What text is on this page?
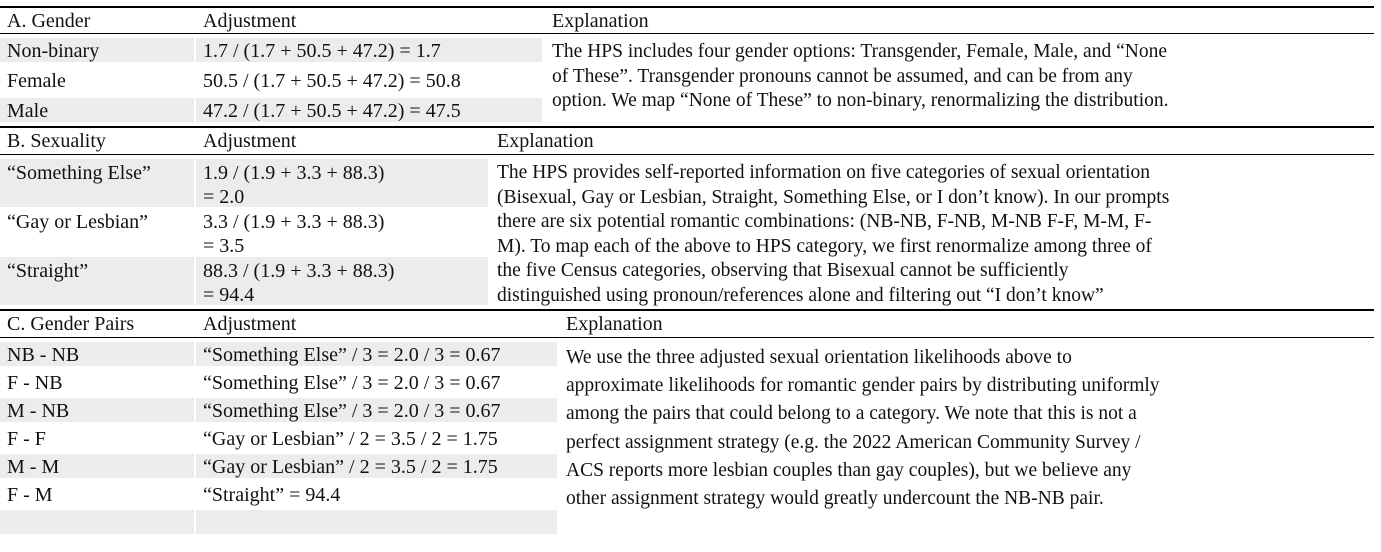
A. Gender	Adjustment	Explanation
Non-binary	1.7 / (1.7 + 50.5 + 47.2) = 1.7
Female	50.5 / (1.7 + 50.5 + 47.2) = 50.8
Male	47.2 / (1.7 + 50.5 + 47.2) = 47.5

The HPS includes four gender options: Transgender, Female, Male, and “None

of These”. Transgender pronouns cannot be assumed, and can be from any

option. We map “None of These” to non-binary, renormalizing the distribution.

B. Sexuality	Adjustment	Explanation
“Something Else”	1.9 / (1.9 + 3.3 + 88.3)
= 2.0
“Gay or Lesbian”	3.3 / (1.9 + 3.3 + 88.3)
= 3.5
“Straight”	88.3 / (1.9 + 3.3 + 88.3)
= 94.4

The HPS provides self-reported information on five categories of sexual orientation

(Bisexual, Gay or Lesbian, Straight, Something Else, or I don’t know). In our prompts

there are six potential romantic combinations: (NB-NB, F-NB, M-NB F-F, M-M, F-

M). To map each of the above to HPS category, we first renormalize among three of

the five Census categories, observing that Bisexual cannot be sufficiently

distinguished using pronoun/references alone and filtering out “I don’t know”

C. Gender Pairs	Adjustment	Explanation
NB - NB	“Something Else” / 3 = 2.0 / 3 = 0.67
F - NB	“Something Else” / 3 = 2.0 / 3 = 0.67
M - NB	“Something Else” / 3 = 2.0 / 3 = 0.67
F - F	“Gay or Lesbian” / 2 = 3.5 / 2 = 1.75
M - M	“Gay or Lesbian” / 2 = 3.5 / 2 = 1.75
F - M	“Straight” = 94.4

We use the three adjusted sexual orientation likelihoods above to

approximate likelihoods for romantic gender pairs by distributing uniformly

among the pairs that could belong to a category. We note that this is not a

perfect assignment strategy (e.g. the 2022 American Community Survey /

ACS reports more lesbian couples than gay couples), but we believe any

other assignment strategy would greatly undercount the NB-NB pair.
